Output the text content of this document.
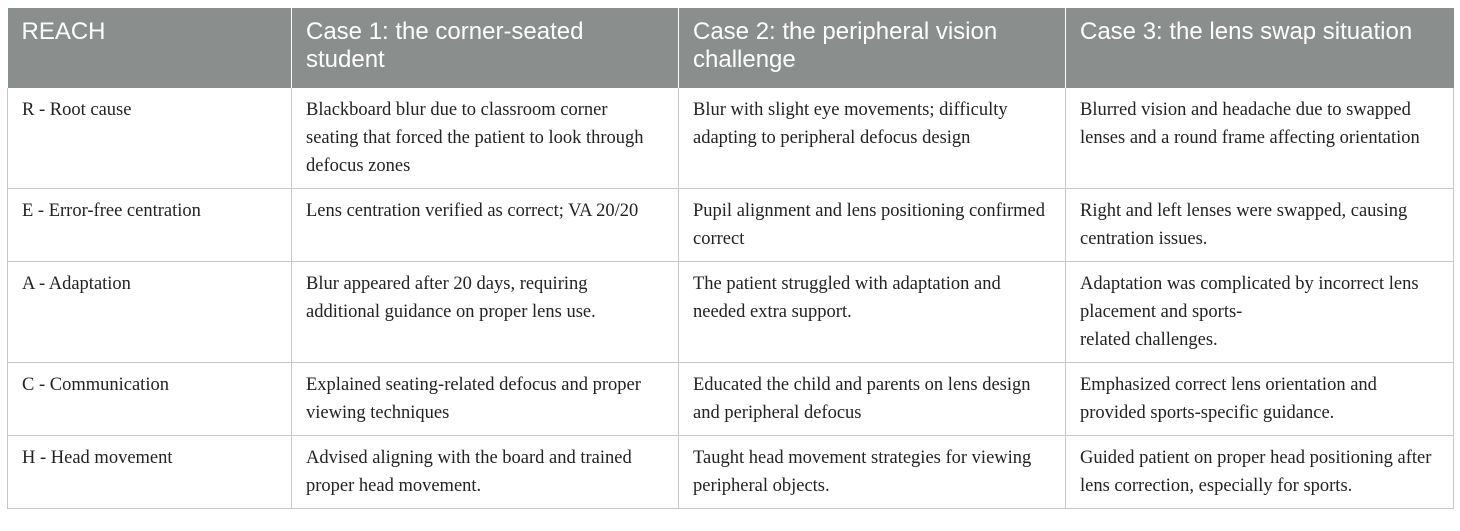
REACH	Case 1: the corner-seated student	Case 2: the peripheral vision challenge	Case 3: the lens swap situation
R - Root cause	Blackboard blur due to classroom corner seating that forced the patient to look through defocus zones	Blur with slight eye movements; difficulty adapting to peripheral defocus design	Blurred vision and headache due to swapped lenses and a round frame affecting orientation
E - Error-free centration	Lens centration verified as correct; VA 20/20	Pupil alignment and lens positioning confirmed correct	Right and left lenses were swapped, causing centration issues.
A - Adaptation	Blur appeared after 20 days, requiring additional guidance on proper lens use.	The patient struggled with adaptation and needed extra support.	Adaptation was complicated by incorrect lens placement and sports-
related challenges.
C - Communication	Explained seating-related defocus and proper viewing techniques	Educated the child and parents on lens design and peripheral defocus	Emphasized correct lens orientation and provided sports-specific guidance.
H - Head movement	Advised aligning with the board and trained proper head movement.	Taught head movement strategies for viewing peripheral objects.	Guided patient on proper head positioning after lens correction, especially for sports.
